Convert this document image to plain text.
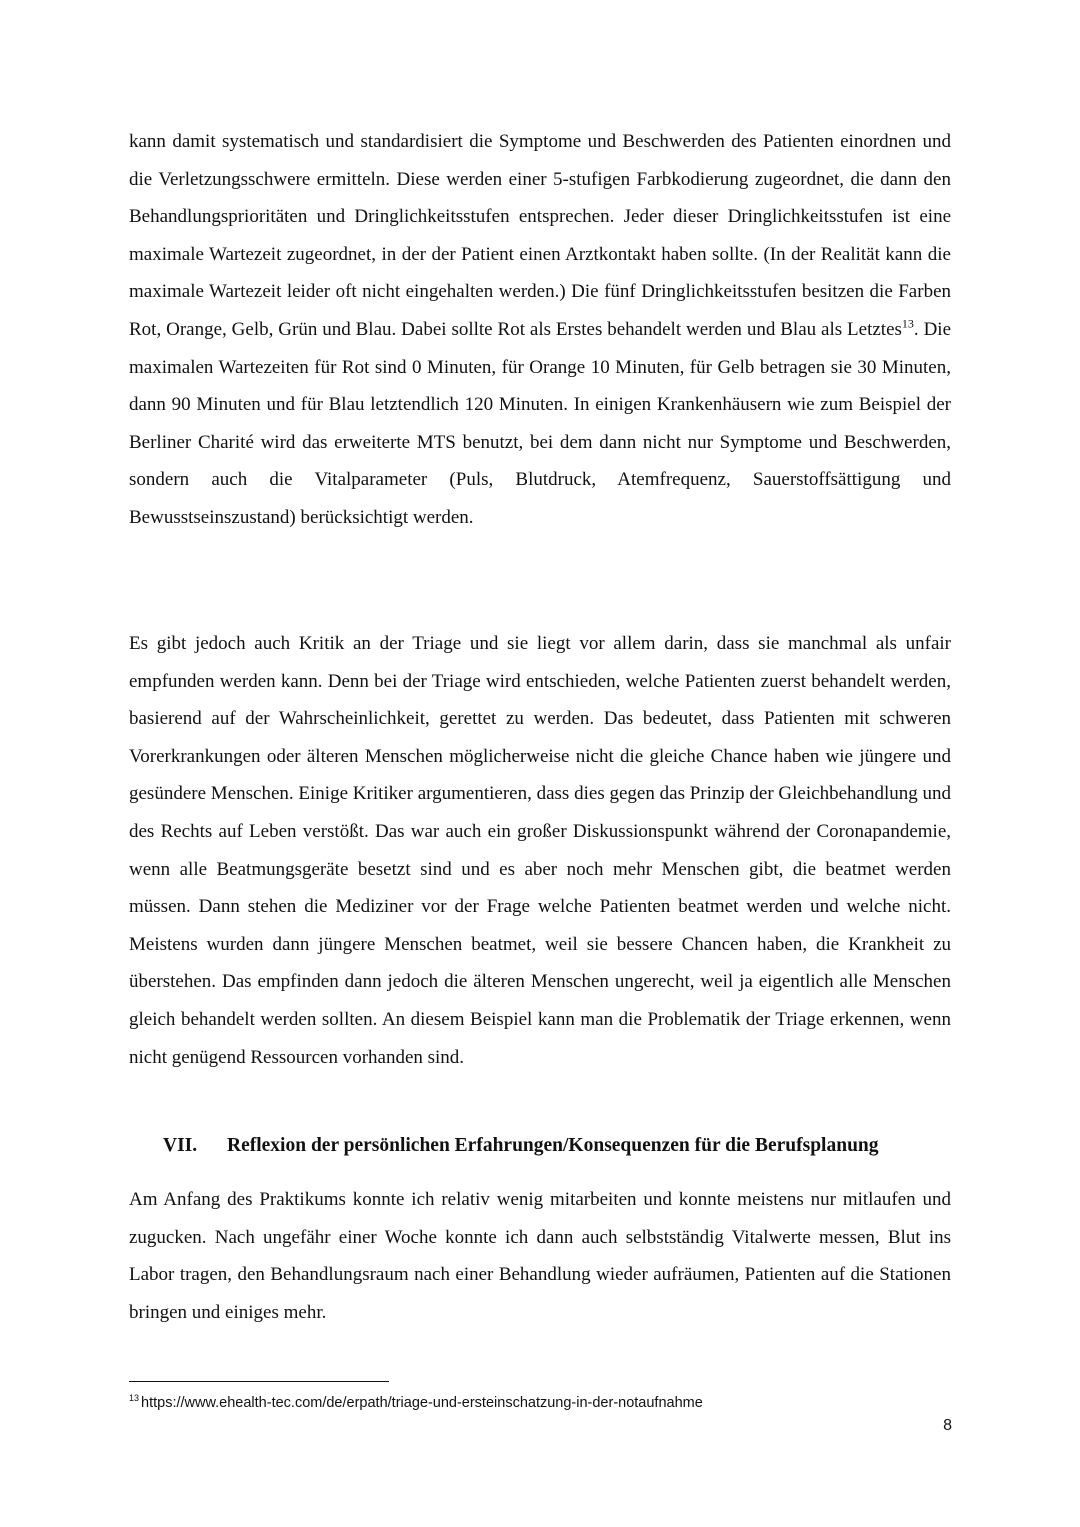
kann damit systematisch und standardisiert die Symptome und Beschwerden des Patienten einordnen und die Verletzungsschwere ermitteln. Diese werden einer 5-stufigen Farbkodierung zugeordnet, die dann den Behandlungsprioritäten und Dringlichkeitsstufen entsprechen. Jeder dieser Dringlichkeitsstufen ist eine maximale Wartezeit zugeordnet, in der der Patient einen Arztkontakt haben sollte. (In der Realität kann die maximale Wartezeit leider oft nicht eingehalten werden.) Die fünf Dringlichkeitsstufen besitzen die Farben Rot, Orange, Gelb, Grün und Blau. Dabei sollte Rot als Erstes behandelt werden und Blau als Letztes$^{13}$. Die maximalen Wartezeiten für Rot sind 0 Minuten, für Orange 10 Minuten, für Gelb betragen sie 30 Minuten, dann 90 Minuten und für Blau letztendlich 120 Minuten. In einigen Krankenhäusern wie zum Beispiel der Berliner Charité wird das erweiterte MTS benutzt, bei dem dann nicht nur Symptome und Beschwerden, sondern auch die Vitalparameter (Puls, Blutdruck, Atemfrequenz, Sauerstoffsättigung und Bewusstseinszustand) berücksichtigt werden.

Es gibt jedoch auch Kritik an der Triage und sie liegt vor allem darin, dass sie manchmal als unfair empfunden werden kann. Denn bei der Triage wird entschieden, welche Patienten zuerst behandelt werden, basierend auf der Wahrscheinlichkeit, gerettet zu werden. Das bedeutet, dass Patienten mit schweren Vorerkrankungen oder älteren Menschen möglicherweise nicht die gleiche Chance haben wie jüngere und gesündere Menschen. Einige Kritiker argumentieren, dass dies gegen das Prinzip der Gleichbehandlung und des Rechts auf Leben verstößt. Das war auch ein großer Diskussionspunkt während der Coronapandemie, wenn alle Beatmungsgeräte besetzt sind und es aber noch mehr Menschen gibt, die beatmet werden müssen. Dann stehen die Mediziner vor der Frage welche Patienten beatmet werden und welche nicht. Meistens wurden dann jüngere Menschen beatmet, weil sie bessere Chancen haben, die Krankheit zu überstehen. Das empfinden dann jedoch die älteren Menschen ungerecht, weil ja eigentlich alle Menschen gleich behandelt werden sollten. An diesem Beispiel kann man die Problematik der Triage erkennen, wenn nicht genügend Ressourcen vorhanden sind.

VII. Reflexion der persönlichen Erfahrungen/Konsequenzen für die Berufsplanung

Am Anfang des Praktikums konnte ich relativ wenig mitarbeiten und konnte meistens nur mitlaufen und zugucken. Nach ungefähr einer Woche konnte ich dann auch selbstständig Vitalwerte messen, Blut ins Labor tragen, den Behandlungsraum nach einer Behandlung wieder aufräumen, Patienten auf die Stationen bringen und einiges mehr.

$^{13}$ https://www.ehealth-tec.com/de/erpath/triage-und-ersteinschatzung-in-der-notaufnahme
8
